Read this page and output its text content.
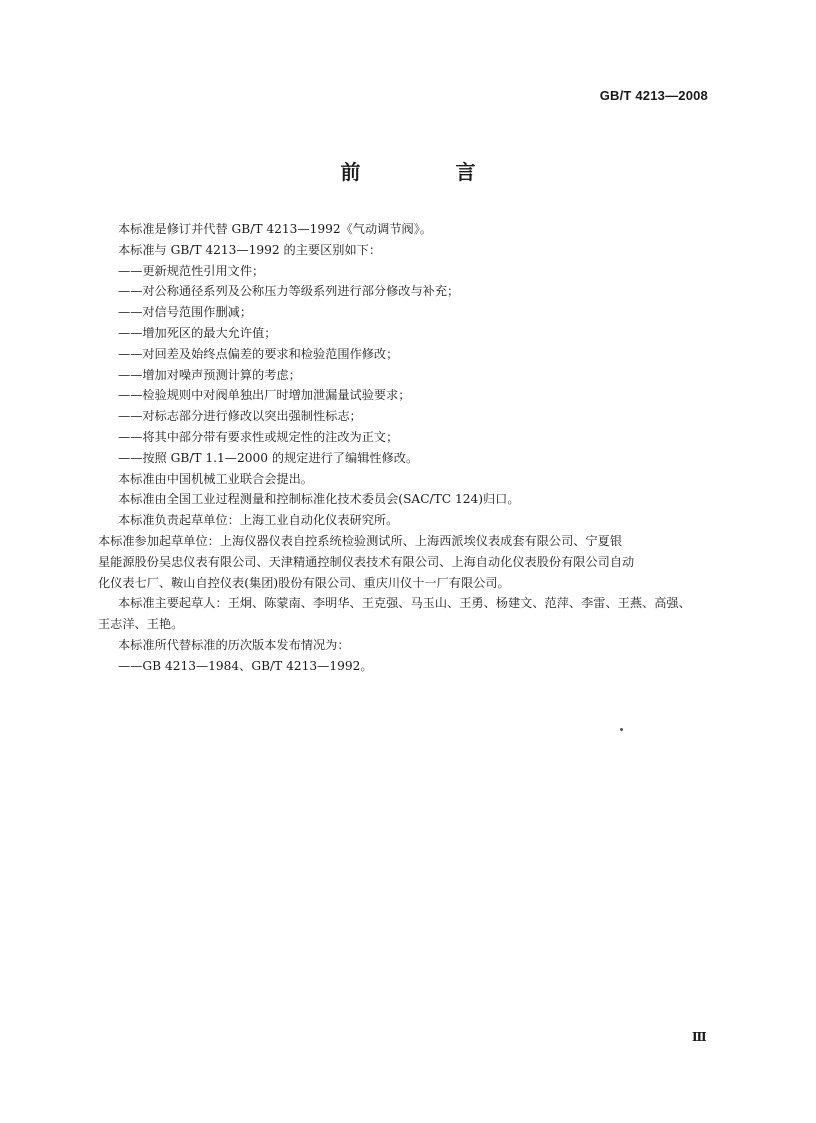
GB/T 4213—2008
前 言
本标准是修订并代替 GB/T 4213—1992《气动调节阀》。
本标准与 GB/T 4213—1992 的主要区别如下：
——更新规范性引用文件；
——对公称通径系列及公称压力等级系列进行部分修改与补充；
——对信号范围作删减；
——增加死区的最大允许值；
——对回差及始终点偏差的要求和检验范围作修改；
——增加对噪声预测计算的考虑；
——检验规则中对阀单独出厂时增加泄漏量试验要求；
——对标志部分进行修改以突出强制性标志；
——将其中部分带有要求性或规定性的注改为正文；
——按照 GB/T 1.1—2000 的规定进行了编辑性修改。
本标准由中国机械工业联合会提出。
本标准由全国工业过程测量和控制标准化技术委员会(SAC/TC 124)归口。
本标准负责起草单位：上海工业自动化仪表研究所。
本标准参加起草单位：上海仪器仪表自控系统检验测试所、上海西派埃仪表成套有限公司、宁夏银
星能源股份吴忠仪表有限公司、天津精通控制仪表技术有限公司、上海自动化仪表股份有限公司自动
化仪表七厂、鞍山自控仪表(集团)股份有限公司、重庆川仪十一厂有限公司。
本标准主要起草人：王炯、陈蒙南、李明华、王克强、马玉山、王勇、杨建文、范萍、李雷、王燕、高强、
王志洋、王艳。
本标准所代替标准的历次版本发布情况为：
——GB 4213—1984、GB/T 4213—1992。
Ⅲ
